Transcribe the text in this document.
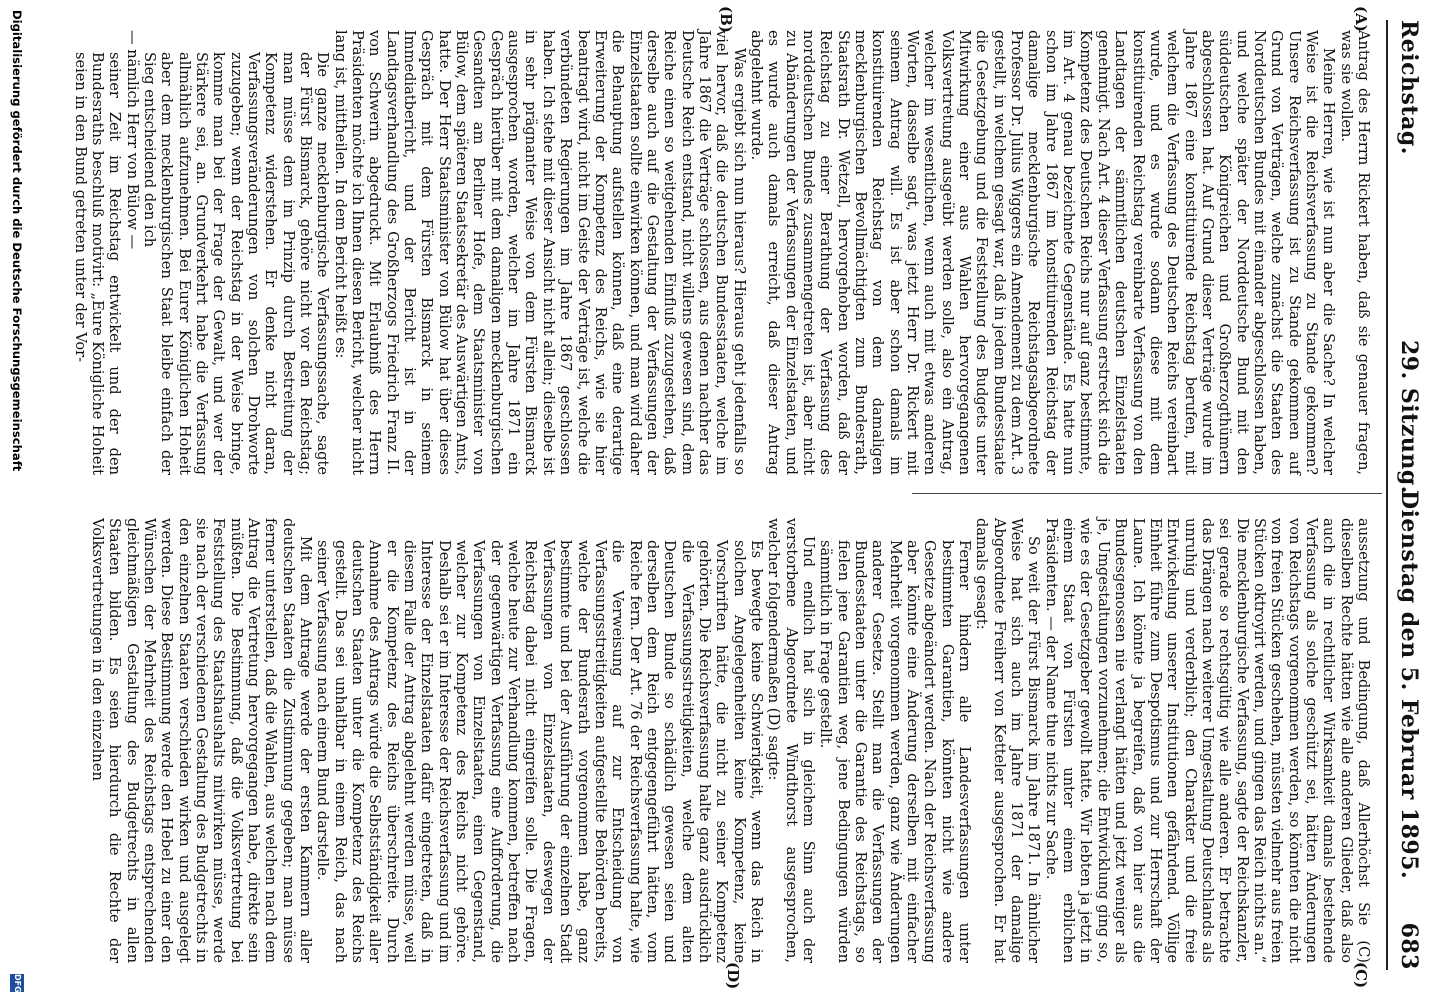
Reichstag.
29. Sitzung.
Dienstag den 5. Februar 1895.
683
(A)
(B)
(C)
(D)

Antrag des Herrn Rickert haben, daß sie genauer fragen, was sie wollen.

Meine Herren, wie ist nun aber die Sache? In welcher Weise ist die Reichsverfassung zu Stande gekommen? Unsere Reichsverfassung ist zu Stande gekommen auf Grund von Verträgen, welche zunächst die Staaten des Norddeutschen Bundes mit einander abgeschlossen haben, und welche später der Norddeutsche Bund mit den süddeutschen Königreichen und Großherzogthümern abgeschlossen hat. Auf Grund dieser Verträge wurde im Jahre 1867 eine konstituirende Reichstag berufen, mit welchem die Verfassung des Deutschen Reichs vereinbart wurde, und es wurde sodann diese mit dem konstituirenden Reichstag vereinbarte Verfassung von den Landtagen der sämmtlichen deutschen Einzelstaaten genehmigt. Nach Art. 4 dieser Verfassung erstreckt sich die Kompetenz des Deutschen Reichs nur auf ganz bestimmte, im Art. 4 genau bezeichnete Gegenstände. Es hatte nun schon im Jahre 1867 im konstituirenden Reichstag der damalige mecklenburgische Reichstagsabgeordnete Professor Dr. Julius Wiggers ein Amendement zu dem Art. 3 gestellt, in welchem gesagt war, daß in jedem Bundesstaate die Gesetzgebung und die Feststellung des Budgets unter Mitwirkung einer aus Wahlen hervorgegangenen Volksvertretung ausgeübt werden solle, also ein Antrag, welcher im wesentlichen, wenn auch mit etwas anderen Worten, dasselbe sagt, was jetzt Herr Dr. Rickert mit seinem Antrag will. Es ist aber schon damals im konstituirenden Reichstag von dem damaligen mecklenburgischen Bevollmächtigten zum Bundesrath, Staatsrath Dr. Wetzell, hervorgehoben worden, daß der Reichstag zu einer Berathung der Verfassung des norddeutschen Bundes zusammengetreten ist, aber nicht zu Abänderungen der Verfassungen der Einzelstaaten, und es wurde auch damals erreicht, daß dieser Antrag abgelehnt wurde.

Was ergiebt sich nun hieraus? Hieraus geht jedenfalls so viel hervor, daß die deutschen Bundesstaaten, welche im Jahre 1867 die Verträge schlossen, aus denen nachher das Deutsche Reich entstand, nicht willens gewesen sind, dem Reiche einen so weitgehenden Einfluß zuzugestehen, daß derselbe auch auf die Gestaltung der Verfassungen der Einzelstaaten sollte einwirken können, und man wird daher die Behauptung aufstellen können, daß eine derartige Erweiterung der Kompetenz des Reichs, wie sie hier beantragt wird, nicht im Geiste der Verträge ist, welche die verbündeten Regierungen im Jahre 1867 geschlossen haben. Ich stehe mit dieser Ansicht nicht allein; dieselbe ist in sehr prägnanter Weise von dem Fürsten Bismarck ausgesprochen worden, welcher im Jahre 1871 ein Gespräch hierüber mit dem damaligen mecklenburgischen Gesandten am Berliner Hofe, dem Staatsminister von Bülow, dem späteren Staatssekretär des Auswärtigen Amts, hatte. Der Herr Staatsminister von Bülow hat über dieses Gespräch mit dem Fürsten Bismarck in seinem Immediatbericht, und der Bericht ist in der Landtagsverhandlung des Großherzogs Friedrich Franz II. von Schwerin abgedruckt. Mit Erlaubniß des Herrn Präsidenten möchte ich Ihnen diesen Bericht, welcher nicht lang ist, mittheilen. In dem Bericht heißt es:

Die ganze mecklenburgische Verfassungssache, sagte der Fürst Bismarck, gehöre nicht vor den Reichstag; man müsse dem im Prinzip durch Bestreitung der Kompetenz widerstehen. Er denke nicht daran, Verfassungsveränderungen von solchen Drohworte zuzugeben; wenn der Reichstag in der Weise bringe, komme man bei der Frage der Gewalt, und wer der Stärkere sei, an. Grundverkehrt habe die Verfassung allmählich aufzunehmen. Bei Eurer Königlichen Hoheit aber dem mecklenburgischen Staat bleibe einfach der Sieg entscheidend den ich

— nämlich Herr von Bülow —

seiner Zeit im Reichstag entwickelt und der den Bundesraths beschluß motivirt: „Eure Königliche Hoheit seien in den Bund getreten unter der Vor-

aussetzung und Bedingung, daß Allerhöchst Sie (C) dieselben Rechte hätten wie alle anderen Glieder, daß also auch die in rechtlicher Wirksamkeit damals bestehende Verfassung als solche geschützt sei, hätten Änderungen von Reichstags vorgenommen werden, so könnten die nicht von freien Stücken geschehen, müssten vielmehr aus freien Stücken oktroyirt werden, und gingen das Reich nichts an.“ Die mecklenburgische Verfassung, sagte der Reichskanzler, sei gerade so rechtsgültig wie alle anderen. Er betrachte das Drängen nach weiterer Umgestaltung Deutschlands als unruhig und verderblich; den Charakter und die freie Entwickelung unserer Institutionen gefährdend. Völlige Einheit führe zum Despotismus und zur Herrschaft der Laune. Ich könnte ja begreifen, daß von hier aus die Bundesgenossen nie verlangt hätten und jetzt weniger als je, Umgestaltungen vorzunehmen; die Entwicklung ging so, wie es der Gesetzgeber gewollt hatte. Wir lebten ja jetzt in einem Staat von Fürsten unter einem erblichen Präsidenten. — der Name thue nichts zur Sache.

So weit der Fürst Bismarck im Jahre 1871. In ähnlicher Weise hat sich auch im Jahre 1871 der damalige Abgeordnete Freiherr von Ketteler ausgesprochen. Er hat damals gesagt:

Ferner hindern alle Landesverfassungen unter bestimmten Garantien, könnten nicht wie andere Gesetze abgeändert werden. Nach der Reichsverfassung aber könnte eine Änderung derselben mit einfacher Mehrheit vorgenommen werden, ganz wie Änderungen anderer Gesetze. Stellt man die Verfassungen der Bundesstaaten unter die Garantie des Reichstags, so fielen jene Garantien weg, jene Bedingungen würden sämmtlich in Frage gestellt.

Und endlich hat sich in gleichem Sinn auch der verstorbene Abgeordnete Windthorst ausgesprochen, welcher folgendermaßen (D) sagte:

Es bewegte keine Schwierigkeit, wenn das Reich in solchen Angelegenheiten keine Kompetenz, keine Vorschriften hätte, die nicht zu seiner Kompetenz gehörten. Die Reichsverfassung halte ganz ausdrücklich die Verfassungsstreitigkeiten, welche dem alten Deutschen Bunde so schädlich gewesen seien und derselben dem Reich entgegengeführt hätten, vom Reiche fern. Der Art. 76 der Reichsverfassung halte, wie die Verweisung auf zur Entscheidung von Verfassungsstreitigkeiten aufgestellte Behörden bereits, welche der Bundesrath vorgenommen habe, ganz bestimmte und bei der Ausführung der einzelnen Stadt Verfassungen von Einzelstaaten, deswegen der Reichstag dabei nicht eingreifen solle. Die Fragen, welche heute zur Verhandlung kommen, betreffen nach der gegenwärtigen Verfassung eine Aufforderung, die Verfassungen von Einzelstaaten, einen Gegenstand, welcher zur Kompetenz des Reichs nicht gehöre. Deshalb sei er im Interesse der Reichsverfassung und im Interesse der Einzelstaaten dafür eingetreten, daß in diesem Falle der Antrag abgelehnt werden müsse, weil er die Kompetenz des Reichs überschreite. Durch Annahme des Antrags würde die Selbstständigkeit aller deutschen Staaten unter die Kompetenz des Reichs gestellt. Das sei unhaltbar in einem Reich, das nach seiner Verfassung nach einem Bund darstelle.

Mit dem Antrage werde der ersten Kammern aller deutschen Staaten die Zustimmung gegeben; man müsse ferner unterstellen, daß die Wahlen, aus welchen nach dem Antrag die Vertretung hervorgegangen habe, direkte sein müßten. Die Bestimmung, daß die Volksvertretung bei Feststellung des Staatshaushalts mitwirken müsse, werde sie nach der verschiedenen Gestaltung des Budgetrechts in den einzelnen Staaten verschieden wirken und ausgelegt werden. Diese Bestimmung werde den Hebel zu einer den Wünschen der Mehrheit des Reichstags entsprechenden gleichmäßigen Gestaltung des Budgetrechts in allen Staaten bilden. Es seien hierdurch die Rechte der Volksvertretungen in den einzelnen

Digitalisierung gefördert durch die Deutsche Forschungsgemeinschaft
DFG
